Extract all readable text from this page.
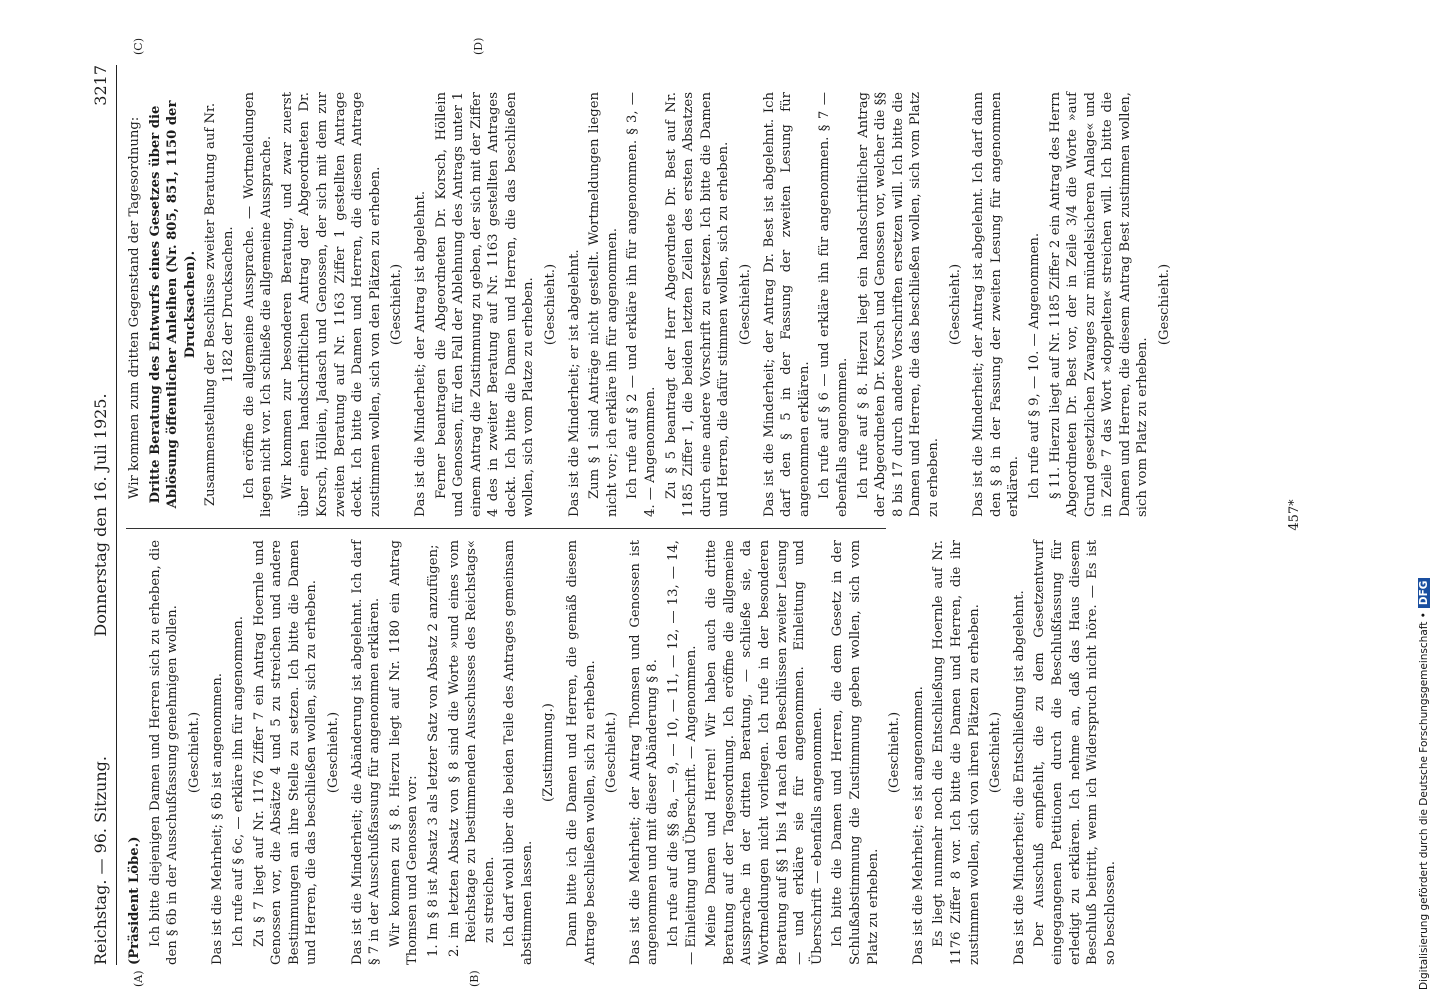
Reichstag. — 96. Sitzung.
Donnerstag den 16. Juli 1925.
3217
(A)	(B)
(C)	(D)

(Präsident Löbe.) Ich bitte diejenigen Damen und Herren sich zu erheben, die den § 6b in der Ausschußfassung genehmigen wollen. (Geschieht.) Das ist die Mehrheit; § 6b ist angenommen. Ich rufe auf § 6c, — erkläre ihn für angenommen. Zu § 7 liegt auf Nr. 1176 Ziffer 7 ein Antrag Hoernle und Genossen vor, die Absätze 4 und 5 zu streichen und andere Bestimmungen an ihre Stelle zu setzen. Ich bitte die Damen und Herren, die das beschließen wollen, sich zu erheben. (Geschieht.) Das ist die Minderheit; die Abänderung ist abgelehnt. Ich darf § 7 in der Ausschußfassung für angenommen erklären. Wir kommen zu § 8. Hierzu liegt auf Nr. 1180 ein Antrag Thomsen und Genossen vor: 1. Im § 8 ist Absatz 3 als letzter Satz von Absatz 2 anzufügen; 2. im letzten Absatz von § 8 sind die Worte »und eines vom Reichstage zu bestimmenden Ausschusses des Reichstags« zu streichen. Ich darf wohl über die beiden Teile des Antrages gemeinsam abstimmen lassen.

(Zustimmung.) Dann bitte ich die Damen und Herren, die gemäß diesem Antrage beschließen wollen, sich zu erheben. (Geschieht.) Das ist die Mehrheit; der Antrag Thomsen und Genossen ist angenommen und mit dieser Abänderung § 8. Ich rufe auf die §§ 8a, — 9, — 10, — 11, — 12, — 13, — 14, — Einleitung und Überschrift. — Angenommen. Meine Damen und Herren! Wir haben auch die dritte Beratung auf der Tagesordnung. Ich eröffne die allgemeine Aussprache in der dritten Beratung, — schließe sie, da Wortmeldungen nicht vorliegen. Ich rufe in der besonderen Beratung auf §§ 1 bis 14 nach den Beschlüssen zweiter Lesung — und erkläre sie für angenommen. Einleitung und Überschrift — ebenfalls angenommen. Ich bitte die Damen und Herren, die dem Gesetz in der Schlußabstimmung die Zustimmung geben wollen, sich vom Platz zu erheben.

(Geschieht.) Das ist die Mehrheit; es ist angenommen. Es liegt nunmehr noch die Entschließung Hoernle auf Nr. 1176 Ziffer 8 vor. Ich bitte die Damen und Herren, die ihr zustimmen wollen, sich von ihren Plätzen zu erheben. (Geschieht.) Das ist die Minderheit; die Entschließung ist abgelehnt. Der Ausschuß empfiehlt, die zu dem Gesetzentwurf eingegangenen Petitionen durch die Beschlußfassung für erledigt zu erklären. Ich nehme an, daß das Haus diesem Beschluß beitritt, wenn ich Widerspruch nicht höre. — Es ist so beschlossen.

Wir kommen zum dritten Gegenstand der Tagesordnung: Dritte Beratung des Entwurfs eines Gesetzes über die Ablösung öffentlicher Anleihen (Nr. 805, 851, 1150 der Drucksachen). Zusammenstellung der Beschlüsse zweiter Beratung auf Nr. 1182 der Drucksachen. Ich eröffne die allgemeine Aussprache. — Wortmeldungen liegen nicht vor. Ich schließe die allgemeine Aussprache. Wir kommen zur besonderen Beratung, und zwar zuerst über einen handschriftlichen Antrag der Abgeordneten Dr. Korsch, Höllein, Jadasch und Genossen, der sich mit dem zur zweiten Beratung auf Nr. 1163 Ziffer 1 gestellten Antrage deckt. Ich bitte die Damen und Herren, die diesem Antrage zustimmen wollen, sich von den Plätzen zu erheben. (Geschieht.) Das ist die Minderheit; der Antrag ist abgelehnt. Ferner beantragen die Abgeordneten Dr. Korsch, Höllein und Genossen, für den Fall der Ablehnung des Antrags unter 1 einem Antrag die Zustimmung zu geben, der sich mit der Ziffer 4 des in zweiter Beratung auf Nr. 1163 gestellten Antrages deckt. Ich bitte die Damen und Herren, die das beschließen wollen, sich vom Platze zu erheben. (Geschieht.) Das ist die Minderheit; er ist abgelehnt. Zum § 1 sind Anträge nicht gestellt. Wortmeldungen liegen nicht vor; ich erkläre ihn für angenommen. Ich rufe auf § 2 — und erkläre ihn für angenommen. § 3, — 4. — Angenommen. Zu § 5 beantragt der Herr Abgeordnete Dr. Best auf Nr. 1185 Ziffer 1, die beiden letzten Zeilen des ersten Absatzes durch eine andere Vorschrift zu ersetzen. Ich bitte die Damen und Herren, die dafür stimmen wollen, sich zu erheben. (Geschieht.) Das ist die Minderheit; der Antrag Dr. Best ist abgelehnt. Ich darf den § 5 in der Fassung der zweiten Lesung für angenommen erklären. Ich rufe auf § 6 — und erkläre ihn für angenommen. § 7 — ebenfalls angenommen. Ich rufe auf § 8. Hierzu liegt ein handschriftlicher Antrag der Abgeordneten Dr. Korsch und Genossen vor, welcher die §§ 8 bis 17 durch andere Vorschriften ersetzen will. Ich bitte die Damen und Herren, die das beschließen wollen, sich vom Platz zu erheben.

(Geschieht.) Das ist die Minderheit; der Antrag ist abgelehnt. Ich darf dann den § 8 in der Fassung der zweiten Lesung für angenommen erklären. Ich rufe auf § 9, — 10. — Angenommen. § 11. Hierzu liegt auf Nr. 1185 Ziffer 2 ein Antrag des Herrn Abgeordneten Dr. Best vor, der in Zeile 3/4 die Worte »auf Grund gesetzlichen Zwanges zur mündelsicheren Anlage« und in Zeile 7 das Wort »doppelten« streichen will. Ich bitte die Damen und Herren, die diesem Antrag Best zustimmen wollen, sich vom Platz zu erheben.

(Geschieht.)

457*
Digitalisierung gefördert durch die Deutsche Forschungsgemeinschaft •DFG
